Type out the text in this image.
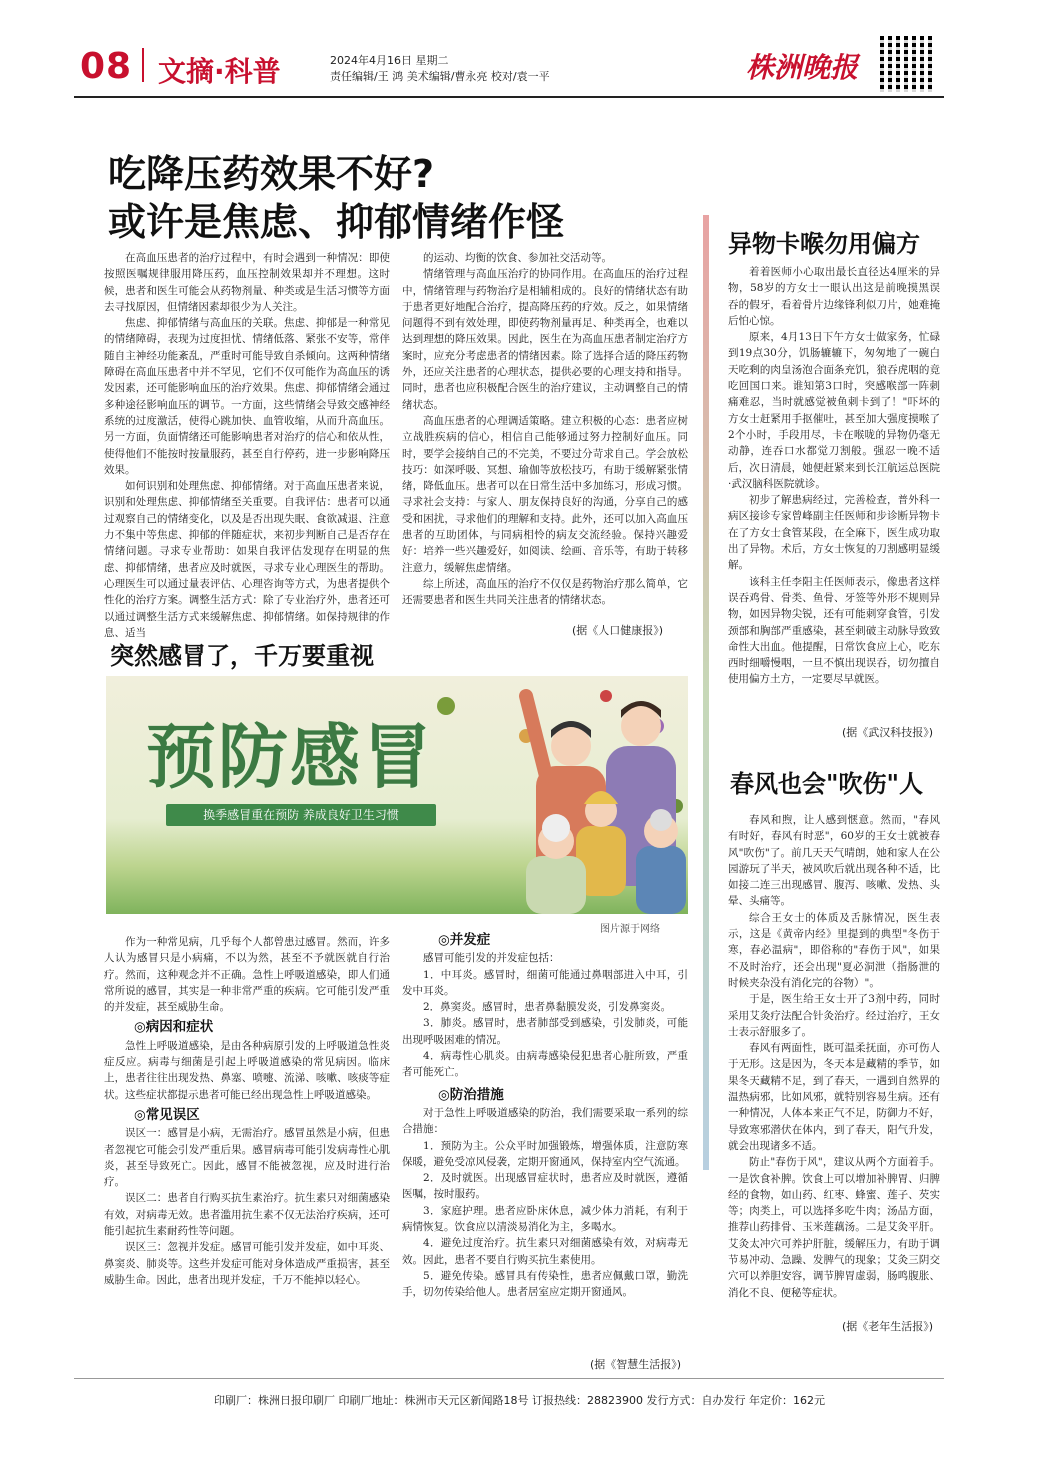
08 文摘·科普	2024年4月16日 星期二
责任编辑/王 鸿 美术编辑/曹永亮 校对/袁一平	株洲晚报
吃降压药效果不好?
或许是焦虑、抑郁情绪作怪

在高血压患者的治疗过程中，有时会遇到一种情况：即使按照医嘱规律服用降压药，血压控制效果却并不理想。这时候，患者和医生可能会从药物剂量、种类或是生活习惯等方面去寻找原因，但情绪因素却很少为人关注。

焦虑、抑郁情绪与高血压的关联。焦虑、抑郁是一种常见的情绪障碍，表现为过度担忧、情绪低落、紧张不安等，常伴随自主神经功能紊乱，严重时可能导致自杀倾向。这两种情绪障碍在高血压患者中并不罕见，它们不仅可能作为高血压的诱发因素，还可能影响血压的治疗效果。焦虑、抑郁情绪会通过多种途径影响血压的调节。一方面，这些情绪会导致交感神经系统的过度激活，使得心跳加快、血管收缩，从而升高血压。另一方面，负面情绪还可能影响患者对治疗的信心和依从性，使得他们不能按时按量服药，甚至自行停药，进一步影响降压效果。

如何识别和处理焦虑、抑郁情绪。对于高血压患者来说，识别和处理焦虑、抑郁情绪至关重要。自我评估：患者可以通过观察自己的情绪变化，以及是否出现失眠、食欲减退、注意力不集中等焦虑、抑郁的伴随症状，来初步判断自己是否存在情绪问题。寻求专业帮助：如果自我评估发现存在明显的焦虑、抑郁情绪，患者应及时就医，寻求专业心理医生的帮助。心理医生可以通过量表评估、心理咨询等方式，为患者提供个性化的治疗方案。调整生活方式：除了专业治疗外，患者还可以通过调整生活方式来缓解焦虑、抑郁情绪。如保持规律的作息、适当

的运动、均衡的饮食、参加社交活动等。

情绪管理与高血压治疗的协同作用。在高血压的治疗过程中，情绪管理与药物治疗是相辅相成的。良好的情绪状态有助于患者更好地配合治疗，提高降压药的疗效。反之，如果情绪问题得不到有效处理，即使药物剂量再足、种类再全，也难以达到理想的降压效果。因此，医生在为高血压患者制定治疗方案时，应充分考虑患者的情绪因素。除了选择合适的降压药物外，还应关注患者的心理状态，提供必要的心理支持和指导。同时，患者也应积极配合医生的治疗建议，主动调整自己的情绪状态。

高血压患者的心理调适策略。建立积极的心态：患者应树立战胜疾病的信心，相信自己能够通过努力控制好血压。同时，要学会接纳自己的不完美，不要过分苛求自己。学会放松技巧：如深呼吸、冥想、瑜伽等放松技巧，有助于缓解紧张情绪，降低血压。患者可以在日常生活中多加练习，形成习惯。寻求社会支持：与家人、朋友保持良好的沟通，分享自己的感受和困扰，寻求他们的理解和支持。此外，还可以加入高血压患者的互助团体，与同病相怜的病友交流经验。保持兴趣爱好：培养一些兴趣爱好，如阅读、绘画、音乐等，有助于转移注意力，缓解焦虑情绪。

综上所述，高血压的治疗不仅仅是药物治疗那么简单，它还需要患者和医生共同关注患者的情绪状态。

(据《人口健康报》)
突然感冒了，千万要重视
预防感冒
换季感冒重在预防 养成良好卫生习惯
图片源于网络

作为一种常见病，几乎每个人都曾患过感冒。然而，许多人认为感冒只是小病痛，不以为然，甚至不予就医就自行治疗。然而，这种观念并不正确。急性上呼吸道感染，即人们通常所说的感冒，其实是一种非常严重的疾病。它可能引发严重的并发症，甚至威胁生命。

◎病因和症状

急性上呼吸道感染，是由各种病原引发的上呼吸道急性炎症反应。病毒与细菌是引起上呼吸道感染的常见病因。临床上，患者往往出现发热、鼻塞、喷嚏、流涕、咳嗽、咳痰等症状。这些症状都提示患者可能已经出现急性上呼吸道感染。

◎常见误区

误区一：感冒是小病，无需治疗。感冒虽然是小病，但患者忽视它可能会引发严重后果。感冒病毒可能引发病毒性心肌炎，甚至导致死亡。因此，感冒不能被忽视，应及时进行治疗。

误区二：患者自行购买抗生素治疗。抗生素只对细菌感染有效，对病毒无效。患者滥用抗生素不仅无法治疗疾病，还可能引起抗生素耐药性等问题。

误区三：忽视并发症。感冒可能引发并发症，如中耳炎、鼻窦炎、肺炎等。这些并发症可能对身体造成严重损害，甚至威胁生命。因此，患者出现并发症，千万不能掉以轻心。

◎并发症

感冒可能引发的并发症包括：

1．中耳炎。感冒时，细菌可能通过鼻咽部进入中耳，引发中耳炎。

2．鼻窦炎。感冒时，患者鼻黏膜发炎，引发鼻窦炎。

3．肺炎。感冒时，患者肺部受到感染，引发肺炎，可能出现呼吸困难的情况。

4．病毒性心肌炎。由病毒感染侵犯患者心脏所致，严重者可能死亡。

◎防治措施

对于急性上呼吸道感染的防治，我们需要采取一系列的综合措施：

1．预防为主。公众平时加强锻炼，增强体质，注意防寒保暖，避免受凉风侵袭，定期开窗通风，保持室内空气流通。

2．及时就医。出现感冒症状时，患者应及时就医，遵循医嘱，按时服药。

3．家庭护理。患者应卧床休息，减少体力消耗，有利于病情恢复。饮食应以清淡易消化为主，多喝水。

4．避免过度治疗。抗生素只对细菌感染有效，对病毒无效。因此，患者不要自行购买抗生素使用。

5．避免传染。感冒具有传染性，患者应佩戴口罩，勤洗手，切勿传染给他人。患者居室应定期开窗通风。

(据《智慧生活报》)
异物卡喉勿用偏方

着着医师小心取出最长直径达4厘米的异物，58岁的方女士一眼认出这是前晚摸黑误吞的假牙，看着骨片边缘锋利似刀片，她难掩后怕心惊。

原来，4月13日下午方女士做家务，忙碌到19点30分，饥肠辘辘下，匆匆地了一碗白天吃剩的肉皇汤泡合面条充饥，狼吞虎咽的竟吃回国口来。谁知第3口时，突感喉部一阵刺痛难忍，当时就感觉被鱼刺卡到了！"吓坏的方女士赶紧用手抠催吐，甚至加大强度摸喉了2个小时，手段用尽，卡在喉咙的异物仍毫无动静，连吞口水都觉刀割般。强忍一晚不适后，次日清晨，她便赶紧来到长江航运总医院·武汉脑科医院就诊。

初步了解患病经过，完善检查，普外科一病区接诊专家曾峰副主任医师和步诊断异物卡在了方女士食管某段，在全麻下，医生成功取出了异物。术后，方女士恢复的刀割感明显缓解。

该科主任李阳主任医师表示，像患者这样误吞鸡骨、骨类、鱼骨、牙签等外形不规则异物，如因异物尖锐，还有可能刺穿食管，引发颈部和胸部严重感染，甚至刺破主动脉导致致命性大出血。他提醒，日常饮食应上心，吃东西时细嚼慢咽，一旦不慎出现误吞，切勿擅自使用偏方土方，一定要尽早就医。

(据《武汉科技报》)
春风也会"吹伤"人

春风和煦，让人感到惬意。然而，"春风有时好，春风有时恶"，60岁的王女士就被春风"吹伤"了。前几天天气晴朗，她和家人在公园游玩了半天，被风吹后就出现各种不适，比如接二连三出现感冒、腹泻、咳嗽、发热、头晕、头痛等。

综合王女士的体质及舌脉情况，医生表示，这是《黄帝内经》里提到的典型"冬伤于寒，春必温病"，即俗称的"春伤于风"，如果不及时治疗，还会出现"夏必洞泄（指肠泄的时候夹杂没有消化完的谷物）"。

于是，医生给王女士开了3剂中药，同时采用艾灸疗法配合针灸治疗。经过治疗，王女士表示舒服多了。

春风有两面性，既可温柔抚面，亦可伤人于无形。这是因为，冬天本是藏精的季节，如果冬天藏精不足，到了春天，一遇到自然界的温热病邪，比如风邪，就特别容易生病。还有一种情况，人体本来正气不足，防御力不好，导致寒邪潜伏在体内，到了春天，阳气升发，就会出现诸多不适。

防止"春伤于风"，建议从两个方面着手。一是饮食补脾。饮食上可以增加补脾胃、归脾经的食物，如山药、红枣、蜂蜜、莲子、芡实等；肉类上，可以选择多吃牛肉；汤品方面，推荐山药排骨、玉米莲藕汤。二是艾灸平肝。艾灸太冲穴可养护肝脏，缓解压力，有助于调节易冲动、急躁、发脾气的现象；艾灸三阴交穴可以养胆安容，调节脾胃虚弱，肠鸣腹胀、消化不良、便秘等症状。

(据《老年生活报》)
印刷厂：株洲日报印刷厂 印刷厂地址：株洲市天元区新闻路18号 订报热线：28823900 发行方式：自办发行 年定价：162元
